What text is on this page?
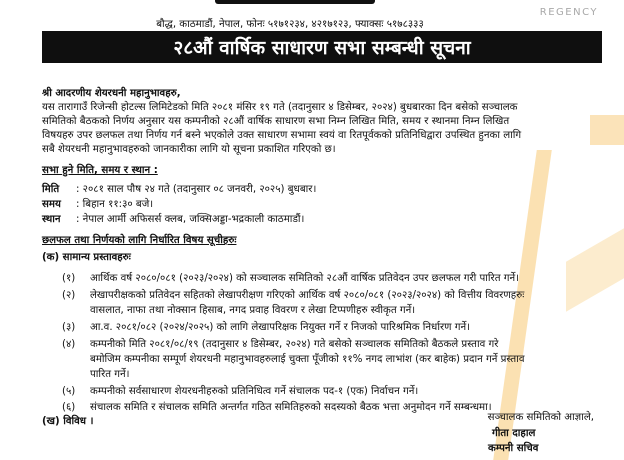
REGENCY
बौद्ध, काठमाडौं, नेपाल, फोनः ५१७१२३४, ४२१७१२३, फ्याक्सः ५१७८३३३
२८औं वार्षिक साधारण सभा सम्बन्धी सूचना
श्री आदरणीय शेयरधनी महानुभावहरु,
यस तारागाउँ रिजेन्सी होटल्स लिमिटेडको मिति २०८१ मंसिर १९ गते (तदानुसार ४ डिसेम्बर, २०२४) बुधबारका दिन बसेको सञ्चालक
समितिको बैठकको निर्णय अनुसार यस कम्पनीको २८औं वार्षिक साधारण सभा निम्न लिखित मिति, समय र स्थानमा निम्न लिखित
विषयहरु उपर छलफल तथा निर्णय गर्न बस्ने भएकोले उक्त साधारण सभामा स्वयं वा रितपूर्वकको प्रतिनिधिद्वारा उपस्थित हुनका लागि
सबै शेयरधनी महानुभावहरुको जानकारीका लागि यो सूचना प्रकाशित गरिएको छ।
सभा हुने मिति, समय र स्थान :
मिति : २०८१ साल पौष २४ गते (तदानुसार ०८ जनवरी, २०२५) बुधबार।
समय : बिहान ११:३० बजे।
स्थान : नेपाल आर्मी अफिसर्स क्लब, जक्सिअड्डा-भद्रकाली काठमाडौं।
छलफल तथा निर्णयको लागि निर्धारित विषय सूचीहरुः
(क) सामान्य प्रस्तावहरुः
(१) आर्थिक वर्ष २०८०/०८१ (२०२३/२०२४) को सञ्चालक समितिको २८औं वार्षिक प्रतिवेदन उपर छलफल गरी पारित गर्ने।
(२) लेखापरीक्षकको प्रतिवेदन सहितको लेखापरीक्षण गरिएको आर्थिक वर्ष २०८०/०८१ (२०२३/२०२४) को वित्तीय विवरणहरुः
वासलात, नाफा तथा नोक्सान हिसाब, नगद प्रवाह विवरण र लेखा टिप्पणीहरु स्वीकृत गर्ने।
(३) आ.व. २०८१/०८२ (२०२४/२०२५) को लागि लेखापरिक्षक नियुक्त गर्ने र निजको पारिश्रमिक निर्धारण गर्ने।
(४) कम्पनीको मिति २०८१/०८/१९ (तदानुसार ४ डिसेम्बर, २०२४) गते बसेको सञ्चालक समितिको बैठकले प्रस्ताव गरे
बमोजिम कम्पनीका सम्पूर्ण शेयरधनी महानुभावहरुलाई चुक्ता पूँजीको ११% नगद लाभांश (कर बाहेक) प्रदान गर्ने प्रस्ताव
पारित गर्ने।
(५) कम्पनीको सर्वसाधारण शेयरधनीहरुको प्रतिनिधित्व गर्ने संचालक पद-१ (एक) निर्वाचन गर्ने।
(६) संचालक समिति र संचालक समिति अन्तर्गत गठित समितिहरुको सदस्यको बैठक भत्ता अनुमोदन गर्ने सम्बन्धमा।
(ख) विविध ।	सञ्चालक समितिको आज्ञाले,
गीता दाहाल
कम्पनी सचिव
